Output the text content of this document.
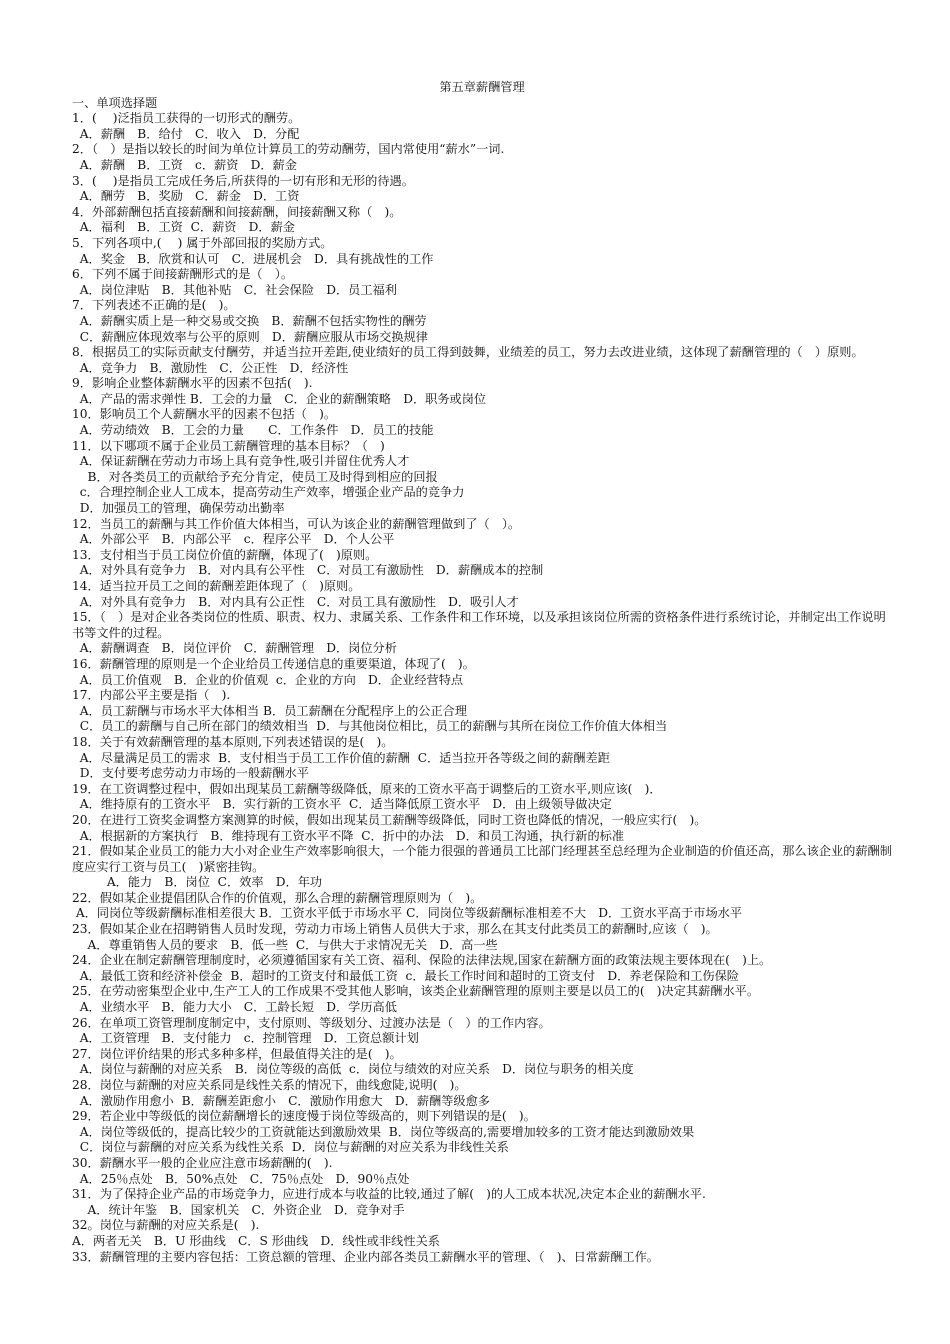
第五章薪酬管理
一、单项选择题
1．(　 )泛指员工获得的一切形式的酬劳。
A．薪酬　B．给付　C．收入　D．分配
2．（　）是指以较长的时间为单位计算员工的劳动酬劳，国内常使用“薪水”一词.
A．薪酬　B．工资　c．薪资　D．薪金
3．(　 )是指员工完成任务后,所获得的一切有形和无形的待遇。
A．酬劳　B．奖励　C．薪金　D．工资
4．外部薪酬包括直接薪酬和间接薪酬，间接薪酬又称（　)。
A．福利　B．工资  C．薪资　D．薪金
5．下列各项中,(　 ) 属于外部回报的奖励方式。
A．奖金　B．欣赏和认可　C．进展机会　D．具有挑战性的工作
6．下列不属于间接薪酬形式的是（　）。
A．岗位津贴　B．其他补贴　C．社会保险　D．员工福利
7．下列表述不正确的是(　)。
A．薪酬实质上是一种交易或交换　B．薪酬不包括实物性的酬劳
C．薪酬应体现效率与公平的原则　D．薪酬应服从市场交换规律
8．根据员工的实际贡献支付酬劳，并适当拉开差距,使业绩好的员工得到鼓舞，业绩差的员工，努力去改进业绩，这体现了薪酬管理的（　）原则。
A．竞争力　B．激励性　C．公正性　D．经济性
9．影响企业整体薪酬水平的因素不包括(　).
A．产品的需求弹性 B．工会的力量　C．企业的薪酬策略　D．职务或岗位
10．影响员工个人薪酬水平的因素不包括（　)。
A．劳动绩效　B．工会的力量　　C．工作条件　D．员工的技能
11．以下哪项不属于企业员工薪酬管理的基本目标？（　)
A．保证薪酬在劳动力市场上具有竞争性,吸引并留住优秀人才
B．对各类员工的贡献给予充分肯定，使员工及时得到相应的回报
c．合理控制企业人工成本，提高劳动生产效率，增强企业产品的竞争力
D．加强员工的管理，确保劳动出勤率
12．当员工的薪酬与其工作价值大体相当，可认为该企业的薪酬管理做到了（　）。
A．外部公平　B．内部公平　c．程序公平　D．个人公平
13．支付相当于员工岗位价值的薪酬，体现了(　)原则。
A．对外具有竞争力　B．对内具有公平性　C．对员工有激励性　D．薪酬成本的控制
14．适当拉开员工之间的薪酬差距体现了（　)原则。
A．对外具有竞争力　B．对内具有公正性　C．对员工具有激励性　D．吸引人才
15．（　）是对企业各类岗位的性质、职责、权力、隶属关系、工作条件和工作环境，以及承担该岗位所需的资格条件进行系统讨论，并制定出工作说明书等文件的过程。
A．薪酬调查　B．岗位评价　C．薪酬管理　D．岗位分析
16．薪酬管理的原则是一个企业给员工传递信息的重要渠道，体现了(　)。
A．员工价值观　B．企业的价值观  c．企业的方向　D．企业经营特点
17．内部公平主要是指（　).
A．员工薪酬与市场水平大体相当 B．员工薪酬在分配程序上的公正合理
C．员工的薪酬与自己所在部门的绩效相当  D．与其他岗位相比，员工的薪酬与其所在岗位工作价值大体相当
18．关于有效薪酬管理的基本原则,下列表述错误的是(　)。
A．尽量满足员工的需求  B．支付相当于员工工作价值的薪酬  C．适当拉开各等级之间的薪酬差距
D．支付要考虑劳动力市场的一般薪酬水平
19．在工资调整过程中，假如出现某员工薪酬等级降低，原来的工资水平高于调整后的工资水平,则应该(　)．
A．维持原有的工资水平　B．实行新的工资水平  C．适当降低原工资水平　D．由上级领导做决定
20．在进行工资奖金调整方案测算的时候，假如出现某员工薪酬等级降低，同时工资也降低的情况，一般应实行(　)。
A．根据新的方案执行　B．维持现有工资水平不降  C．折中的办法　D．和员工沟通，执行新的标准
21．假如某企业员工的能力大小对企业生产效率影响很大，一个能力很强的普通员工比部门经理甚至总经理为企业制造的价值还高，那么该企业的薪酬制度应实行工资与员工(　)紧密挂钩。
A．能力　B．岗位  C．效率　D．年功
22．假如某企业提倡团队合作的价值观，那么合理的薪酬管理原则为（　)。
A．同岗位等级薪酬标准相差很大 B．工资水平低于市场水平 C．同岗位等级薪酬标准相差不大　D．工资水平高于市场水平
23．假如某企业在招聘销售人员时发现，劳动力市场上销售人员供大于求，那么在其支付此类员工的薪酬时,应该（　)。
A．尊重销售人员的要求　B．低一些  C．与供大于求情况无关　D．高一些
24．企业在制定薪酬管理制度时，必须遵循国家有关工资、福利、保险的法律法规,国家在薪酬方面的政策法规主要体现在(　)上。
A．最低工资和经济补偿金  B．超时的工资支付和最低工资  c．最长工作时间和超时的工资支付　D．养老保险和工伤保险
25．在劳动密集型企业中,生产工人的工作成果不受其他人影响，该类企业薪酬管理的原则主要是以员工的(　)决定其薪酬水平。
A．业绩水平　B．能力大小　C．工龄长短　D．学历高低
26．在单项工资管理制度制定中，支付原则、等级划分、过渡办法是（　）的工作内容。
A．工资管理　B．支付能力　c．控制管理　D．工资总额计划
27．岗位评价结果的形式多种多样，但最值得关注的是(　)。
A．岗位与薪酬的对应关系　B．岗位等级的高低  c．岗位与绩效的对应关系　D．岗位与职务的相关度
28．岗位与薪酬的对应关系同是线性关系的情况下，曲线愈陡,说明(　)。
A．激励作用愈小  B．薪酬差距愈小　C．激励作用愈大　D．薪酬等级愈多
29．若企业中等级低的岗位薪酬增长的速度慢于岗位等级高的，则下列错误的是(　)。
A．岗位等级低的，提高比较少的工资就能达到激励效果  B．岗位等级高的,需要增加较多的工资才能达到激励效果
C．岗位与薪酬的对应关系为线性关系  D．岗位与薪酬的对应关系为非线性关系
30．薪酬水平一般的企业应注意市场薪酬的(　).
A．25％点处　B．50%点处　C．75％点处　D．90％点处
31．为了保持企业产品的市场竞争力，应进行成本与收益的比较,通过了解(　)的人工成本状况,决定本企业的薪酬水平.
A．统计年鉴　B．国家机关　C．外资企业　D．竞争对手
32。岗位与薪酬的对应关系是(　).
A．两者无关　B．U 形曲线　C．S 形曲线　D．线性或非线性关系
33．薪酬管理的主要内容包括：工资总额的管理、企业内部各类员工薪酬水平的管理、（　)、日常薪酬工作。
